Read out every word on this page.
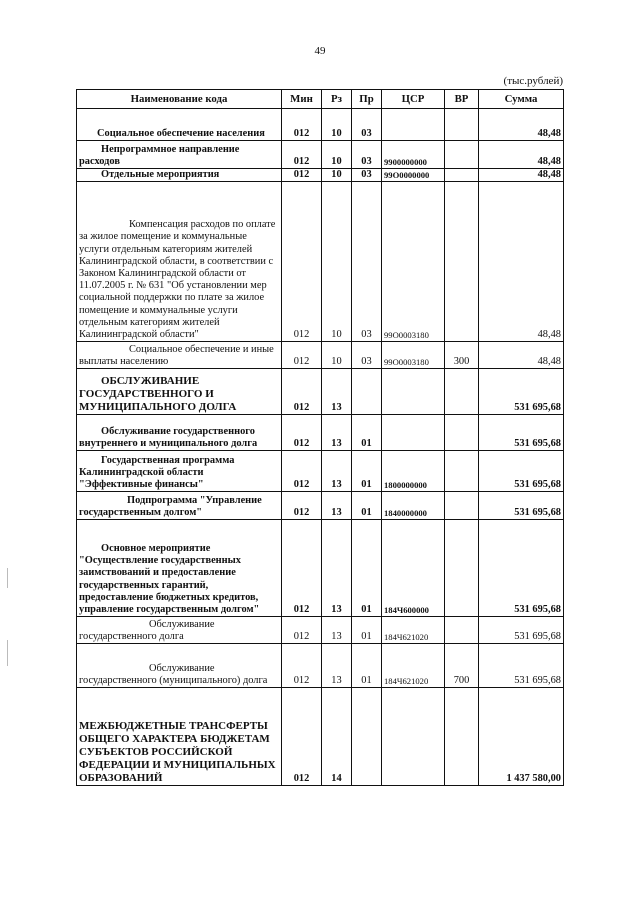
49
(тыс.рублей)
Наименование кода	Мин	Рз	Пр	ЦСР	ВР	Сумма
Социальное обеспечение населения	012	10	03			48,48
Непрограммное направление расходов	012	10	03	9900000000		48,48
Отдельные мероприятия	012	10	03	99О0000000		48,48
Компенсация расходов по оплате за жилое помещение и коммунальные услуги отдельным категориям жителей Калининградской области, в соответствии с Законом Калининградской области от 11.07.2005 г. № 631 "Об установлении мер социальной поддержки по плате за жилое помещение и коммунальные услуги отдельным категориям жителей Калининградской области"	012	10	03	99О0003180		48,48
Социальное обеспечение и иные выплаты населению	012	10	03	99О0003180	300	48,48
ОБСЛУЖИВАНИЕ ГОСУДАРСТВЕННОГО И МУНИЦИПАЛЬНОГО ДОЛГА	012	13				531 695,68
Обслуживание государственного внутреннего и муниципального долга	012	13	01			531 695,68
Государственная программа Калининградской области "Эффективные финансы"	012	13	01	1800000000		531 695,68
Подпрограмма "Управление государственным долгом"	012	13	01	1840000000		531 695,68
Основное мероприятие "Осуществление государственных заимствований и предоставление государственных гарантий, предоставление бюджетных кредитов, управление государственным долгом"	012	13	01	184Ч600000		531 695,68
Обслуживание государственного долга	012	13	01	184Ч621020		531 695,68
Обслуживание государственного (муниципального) долга	012	13	01	184Ч621020	700	531 695,68
МЕЖБЮДЖЕТНЫЕ ТРАНСФЕРТЫ ОБЩЕГО ХАРАКТЕРА БЮДЖЕТАМ СУБЪЕКТОВ РОССИЙСКОЙ ФЕДЕРАЦИИ И МУНИЦИПАЛЬНЫХ ОБРАЗОВАНИЙ	012	14				1 437 580,00
